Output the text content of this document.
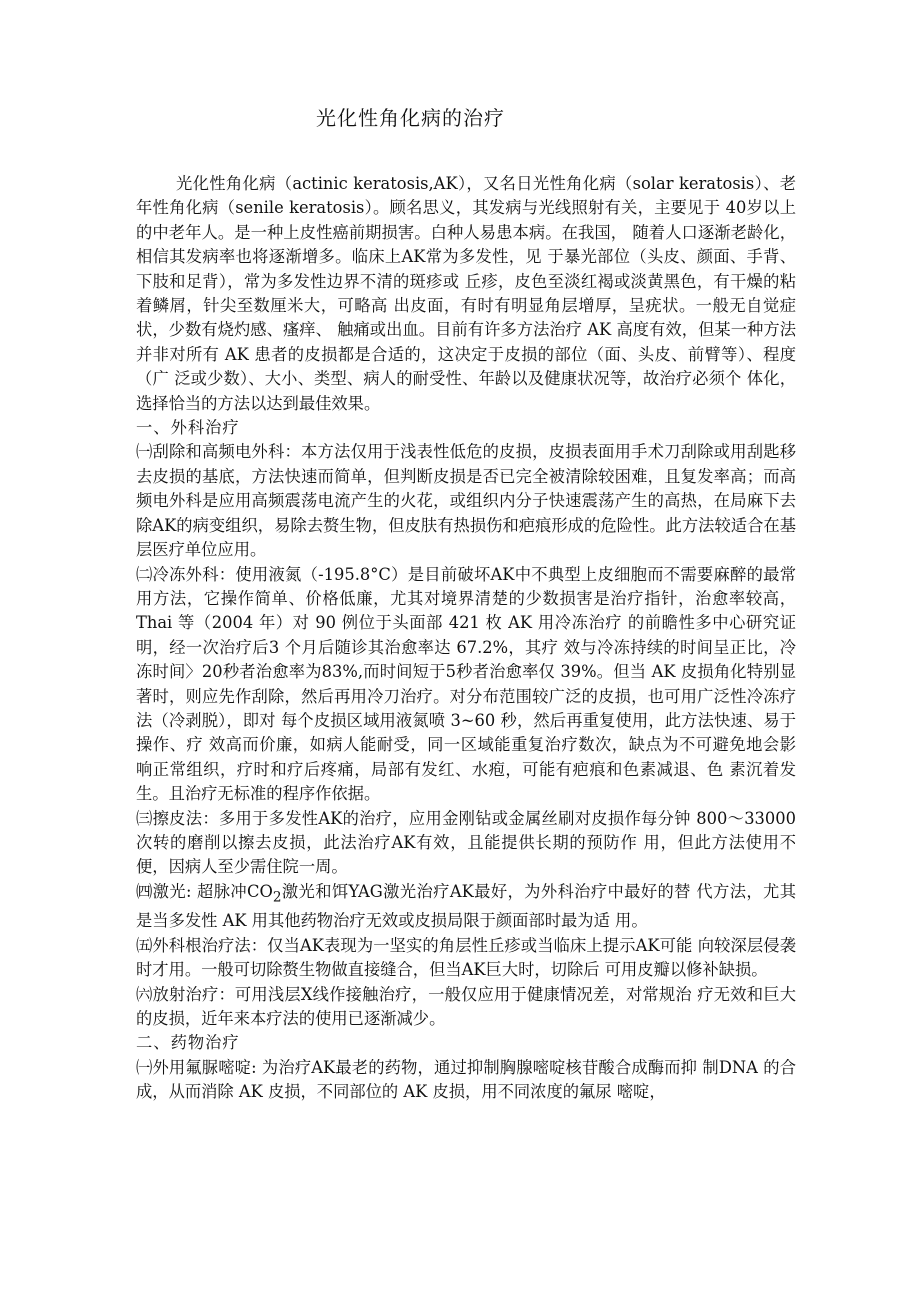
光化性角化病的治疗

光化性角化病（actinic keratosis,AK），又名日光性角化病（solar keratosis）、老年性角化病（senile keratosis）。顾名思义，其发病与光线照射有关，主要见于 40岁以上的中老年人。是一种上皮性癌前期损害。白种人易患本病。在我国， 随着人口逐渐老龄化，相信其发病率也将逐渐增多。临床上AK常为多发性，见 于暴光部位（头皮、颜面、手背、下肢和足背），常为多发性边界不清的斑疹或 丘疹，皮色至淡红褐或淡黄黑色，有干燥的粘着鳞屑，针尖至数厘米大，可略高 出皮面，有时有明显角层增厚，呈疣状。一般无自觉症状，少数有烧灼感、瘙痒、 触痛或出血。目前有许多方法治疗 AK 高度有效，但某一种方法并非对所有 AK 患者的皮损都是合适的，这决定于皮损的部位（面、头皮、前臂等）、程度（广 泛或少数）、大小、类型、病人的耐受性、年龄以及健康状况等，故治疗必须个 体化，选择恰当的方法以达到最佳效果。

一、外科治疗

㈠刮除和高频电外科：本方法仅用于浅表性低危的皮损，皮损表面用手术刀刮除或用刮匙移去皮损的基底，方法快速而简单，但判断皮损是否已完全被清除较困难，且复发率高；而高频电外科是应用高频震荡电流产生的火花，或组织内分子快速震荡产生的高热，在局麻下去除AK的病变组织，易除去赘生物，但皮肤有热损伤和疤痕形成的危险性。此方法较适合在基层医疗单位应用。

㈡冷冻外科：使用液氮（-195.8°C）是目前破坏AK中不典型上皮细胞而不需要麻醉的最常用方法，它操作简单、价格低廉，尤其对境界清楚的少数损害是治疗指针，治愈率较高， Thai 等（2004 年）对 90 例位于头面部 421 枚 AK 用冷冻治疗 的前瞻性多中心研究证明，经一次治疗后3 个月后随诊其治愈率达 67.2%，其疗 效与冷冻持续的时间呈正比，冷冻时间〉20秒者治愈率为83%,而时间短于5秒者治愈率仅 39%。但当 AK 皮损角化特别显著时，则应先作刮除，然后再用冷刀治疗。对分布范围较广泛的皮损，也可用广泛性冷冻疗法（冷剥脱），即对 每个皮损区域用液氮喷 3~60 秒，然后再重复使用，此方法快速、易于操作、疗 效高而价廉，如病人能耐受，同一区域能重复治疗数次，缺点为不可避免地会影 响正常组织，疗时和疗后疼痛，局部有发红、水疱，可能有疤痕和色素减退、色 素沉着发生。且治疗无标准的程序作依据。

㈢擦皮法：多用于多发性AK的治疗，应用金刚钻或金属丝刷对皮损作每分钟 800〜33000次转的磨削以擦去皮损，此法治疗AK有效，且能提供长期的预防作 用，但此方法使用不便，因病人至少需住院一周。

㈣激光: 超脉冲$CO_2$激光和饵YAG激光治疗AK最好，为外科治疗中最好的替 代方法，尤其是当多发性 AK 用其他药物治疗无效或皮损局限于颜面部时最为适 用。

㈤外科根治疗法：仅当AK表现为一坚实的角层性丘疹或当临床上提示AK可能 向较深层侵袭时才用。一般可切除赘生物做直接缝合，但当AK巨大时，切除后 可用皮瓣以修补缺损。

㈥放射治疗：可用浅层X线作接触治疗，一般仅应用于健康情况差，对常规治 疗无效和巨大的皮损，近年来本疗法的使用已逐渐减少。

二、药物治疗

㈠外用氟脲嘧啶: 为治疗AK最老的药物，通过抑制胸腺嘧啶核苷酸合成酶而抑 制DNA 的合成，从而消除 AK 皮损，不同部位的 AK 皮损，用不同浓度的氟尿 嘧啶，
